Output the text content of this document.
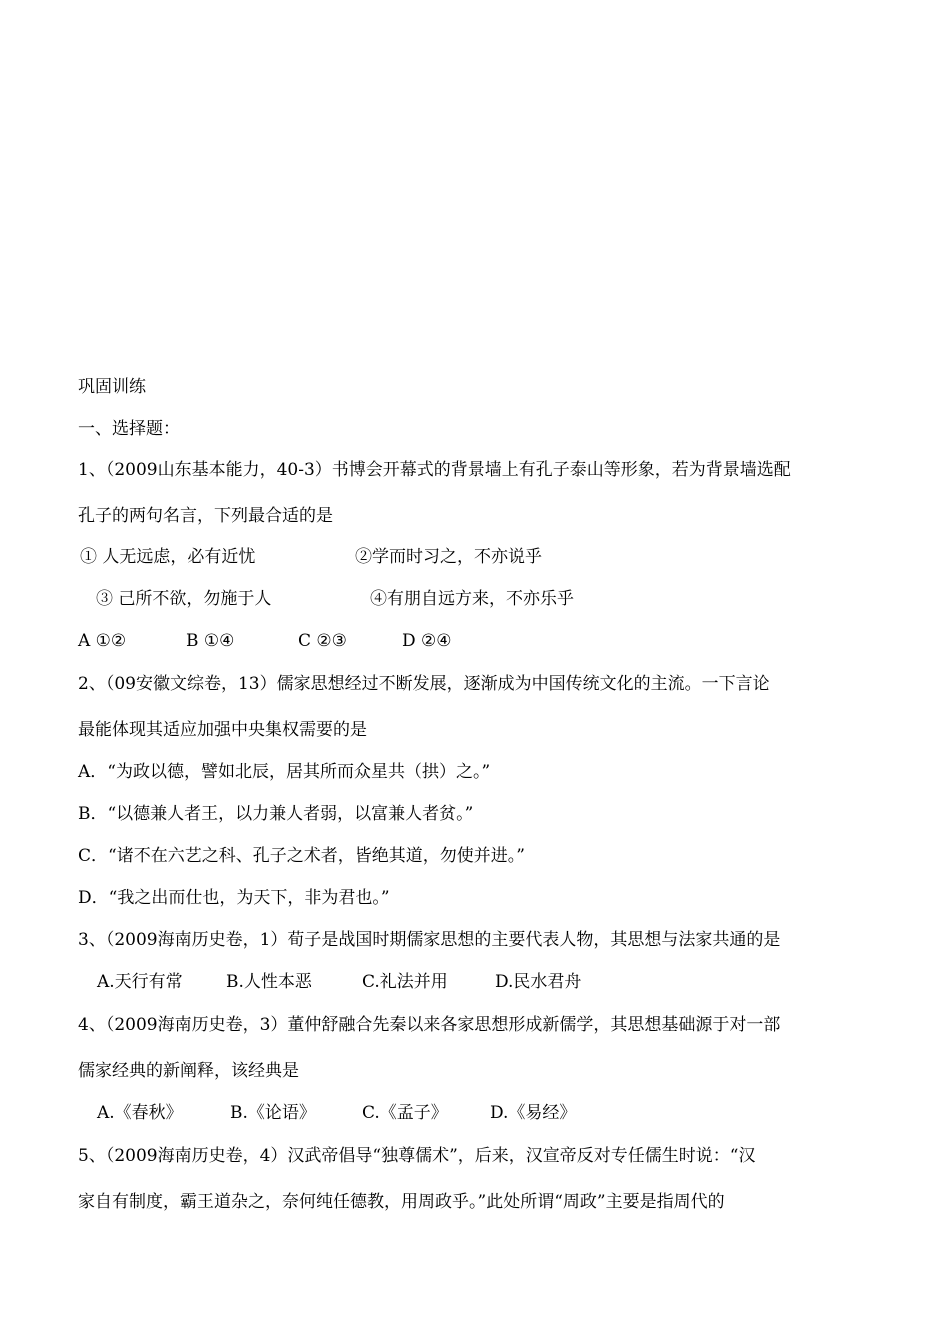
巩固训练
一、选择题：
1、（2009山东基本能力，40-3）书博会开幕式的背景墙上有孔子泰山等形象，若为背景墙选配
孔子的两句名言，下列最合适的是
① 人无远虑，必有近忧	②学而时习之，不亦说乎
③ 己所不欲，勿施于人	④有朋自远方来，不亦乐乎
A ①②	B ①④	C ②③	D ②④
2、（09安徽文综卷，13）儒家思想经过不断发展，逐渐成为中国传统文化的主流。一下言论
最能体现其适应加强中央集权需要的是
A．“为政以德，譬如北辰，居其所而众星共（拱）之。”
B．“以德兼人者王，以力兼人者弱，以富兼人者贫。”
C．“诸不在六艺之科、孔子之术者，皆绝其道，勿使并进。”
D．“我之出而仕也，为天下，非为君也。”
3、（2009海南历史卷，1）荀子是战国时期儒家思想的主要代表人物，其思想与法家共通的是
A.天行有常	B.人性本恶	C.礼法并用	D.民水君舟
4、（2009海南历史卷，3）董仲舒融合先秦以来各家思想形成新儒学，其思想基础源于对一部
儒家经典的新阐释，该经典是
A.《春秋》	B.《论语》	C.《孟子》 D.《易经》
5、（2009海南历史卷，4）汉武帝倡导“独尊儒术”，后来，汉宣帝反对专任儒生时说：“汉
家自有制度，霸王道杂之，奈何纯任德教，用周政乎。”此处所谓“周政”主要是指周代的
